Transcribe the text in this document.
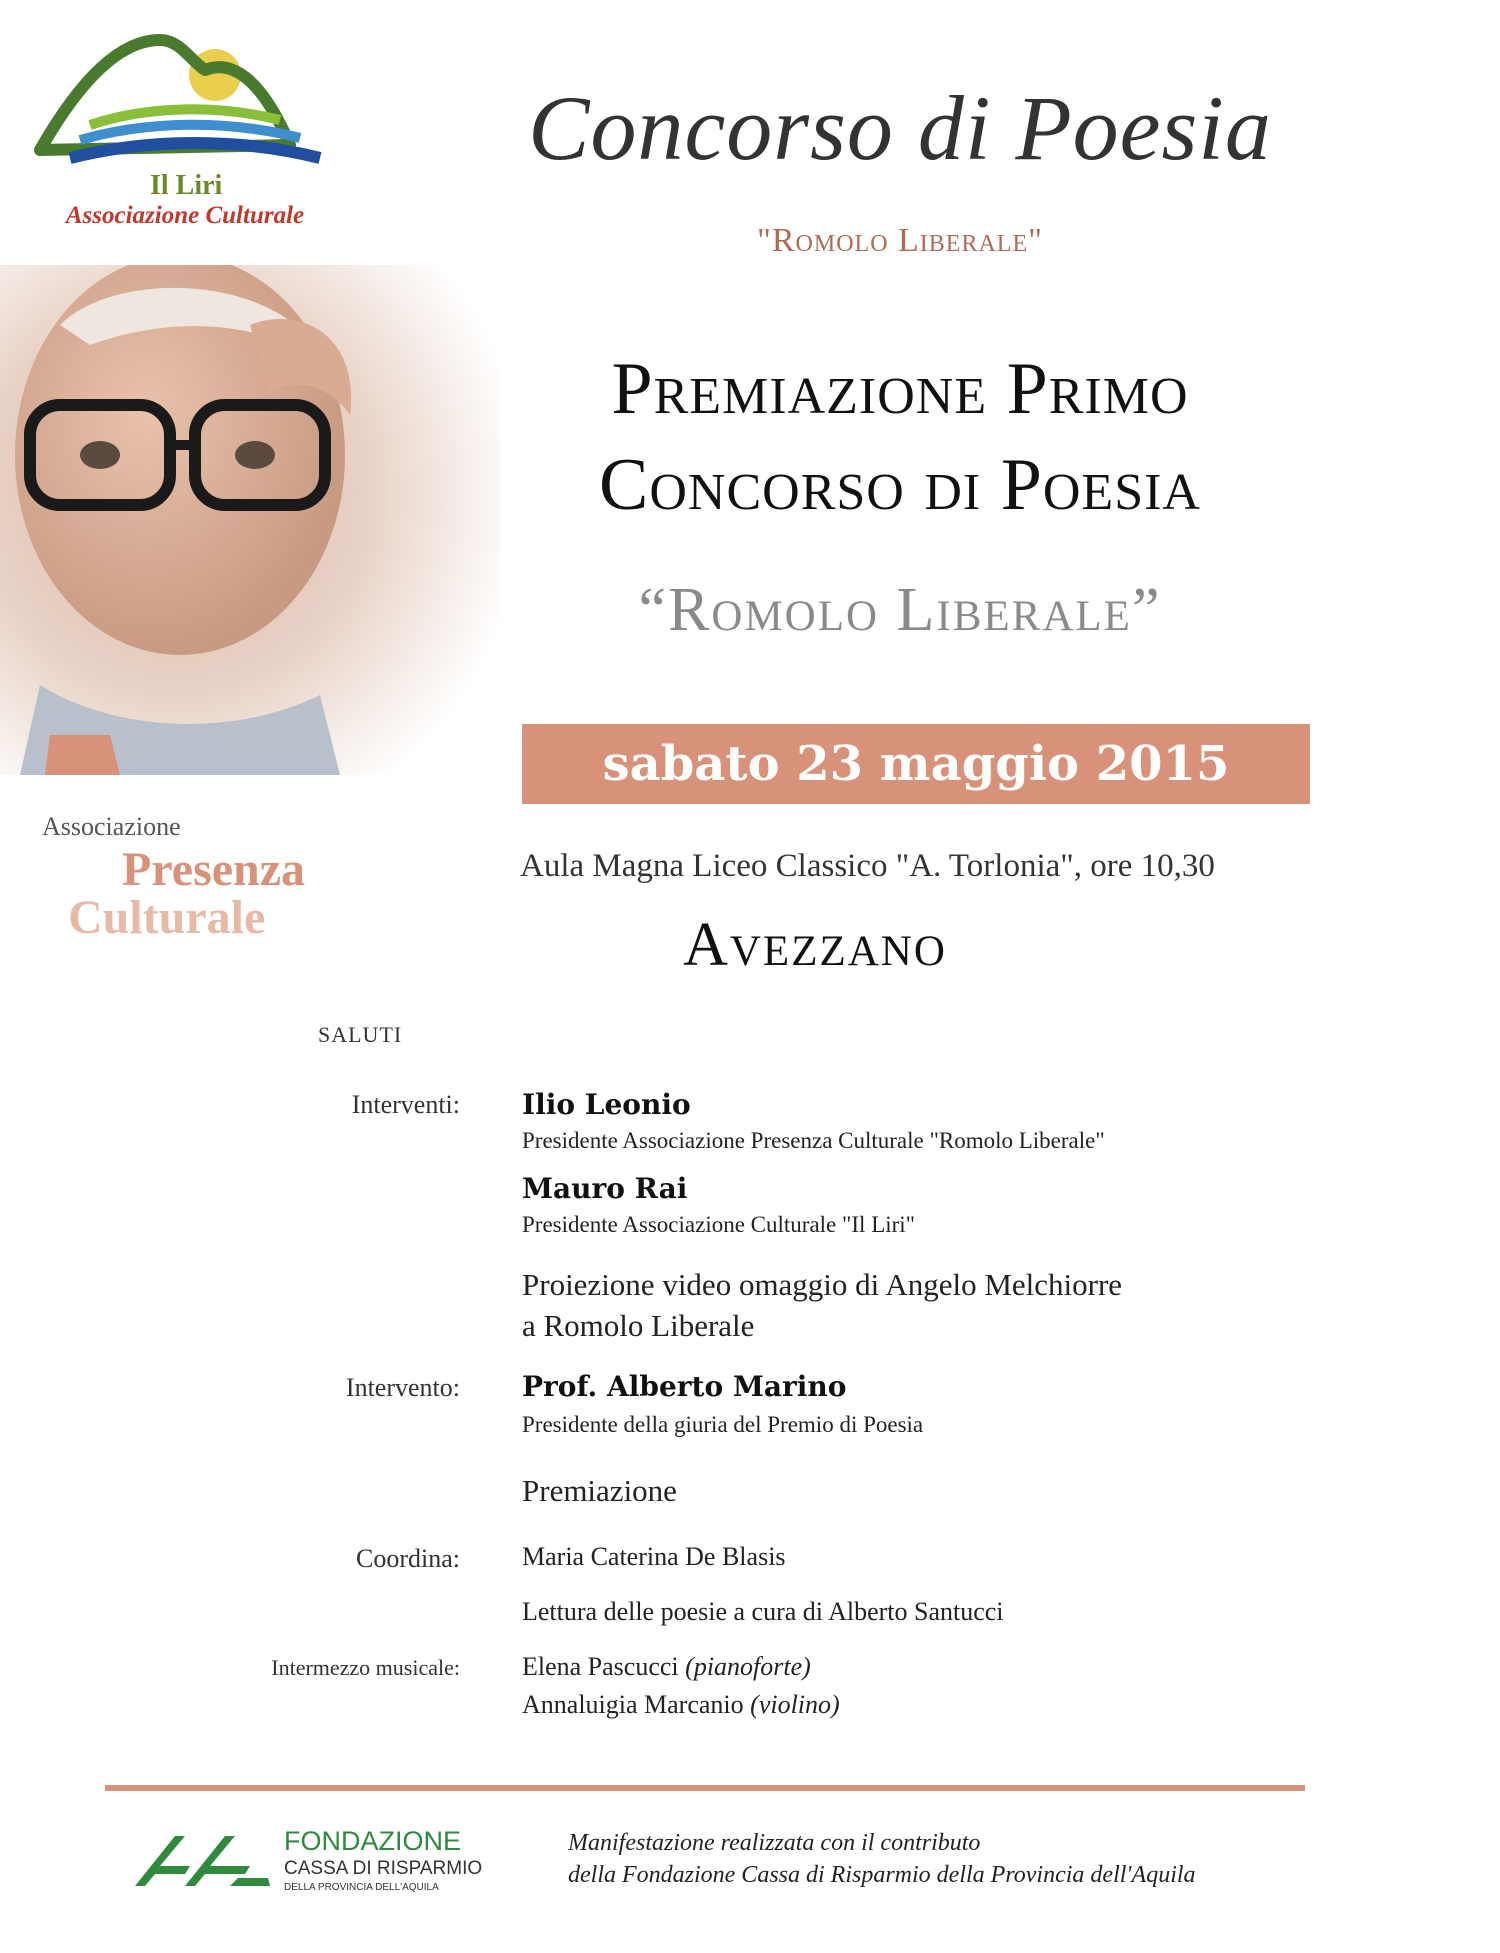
Il Liri
Associazione Culturale
Concorso di Poesia
"Romolo Liberale"
Premiazione Primo
Concorso di Poesia
“Romolo Liberale”
sabato 23 maggio 2015
Aula Magna Liceo Classico "A. Torlonia", ore 10,30
Avezzano
Associazione
Presenza
Culturale
SALUTI
Interventi: Ilio Leonio
Presidente Associazione Presenza Culturale "Romolo Liberale"
Mauro Rai
Presidente Associazione Culturale "Il Liri"
Proiezione video omaggio di Angelo Melchiorre
a Romolo Liberale
Intervento: Prof. Alberto Marino
Presidente della giuria del Premio di Poesia
Premiazione
Coordina: Maria Caterina De Blasis
Lettura delle poesie a cura di Alberto Santucci
Intermezzo musicale: Elena Pascucci (pianoforte)
Annaluigia Marcanio (violino)
FONDAZIONE
CASSA DI RISPARMIO
DELLA PROVINCIA DELL'AQUILA
Manifestazione realizzata con il contributo
della Fondazione Cassa di Risparmio della Provincia dell'Aquila
